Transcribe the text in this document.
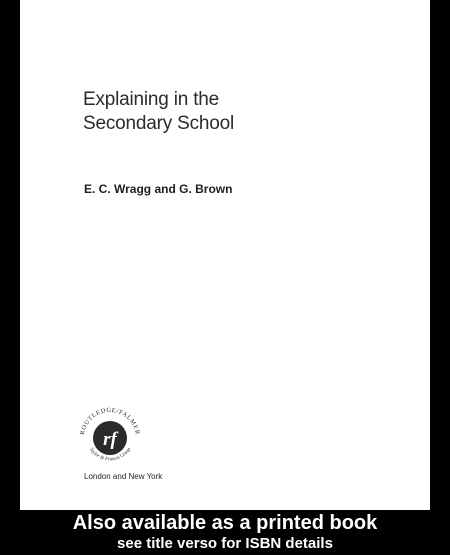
Explaining in the
Secondary School

E. C. Wragg and G. Brown

rf
ROUTLEDGE/FALMER
Taylor & Francis Group

London and New York

Also available as a printed book
see title verso for ISBN details
